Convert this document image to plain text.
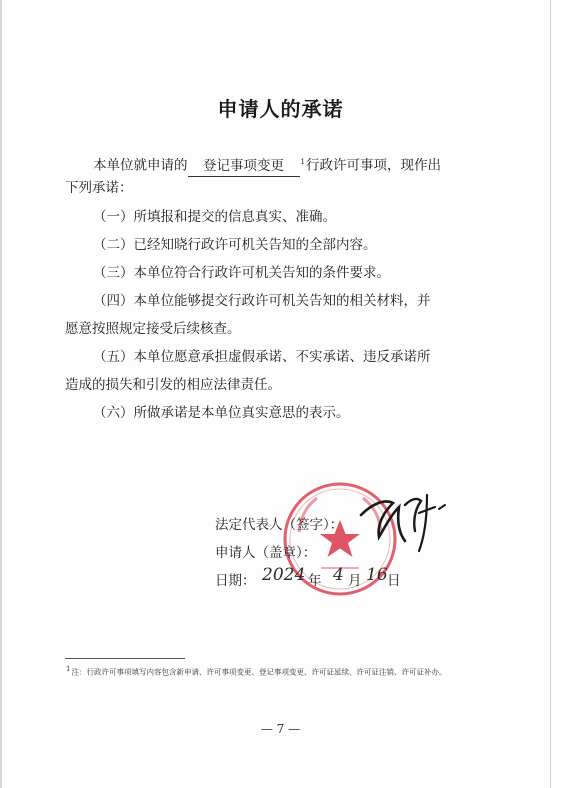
申请人的承诺
本单位就申请的 登记事项变更 $^1$行政许可事项，现作出
下列承诺：
（一）所填报和提交的信息真实、准确。
（二）已经知晓行政许可机关告知的全部内容。
（三）本单位符合行政许可机关告知的条件要求。
（四）本单位能够提交行政许可机关告知的相关材料，并
愿意按照规定接受后续核查。
（五）本单位愿意承担虚假承诺、不实承诺、违反承诺所
造成的损失和引发的相应法律责任。
（六）所做承诺是本单位真实意思的表示。
法定代表人（签字）：
申请人（盖章）：
日期： 2024 年 4 月 16 日
1注：行政许可事项填写内容包含新申请、许可事项变更、登记事项变更、许可证延续、许可证注销、许可证补办。
— 7 —
